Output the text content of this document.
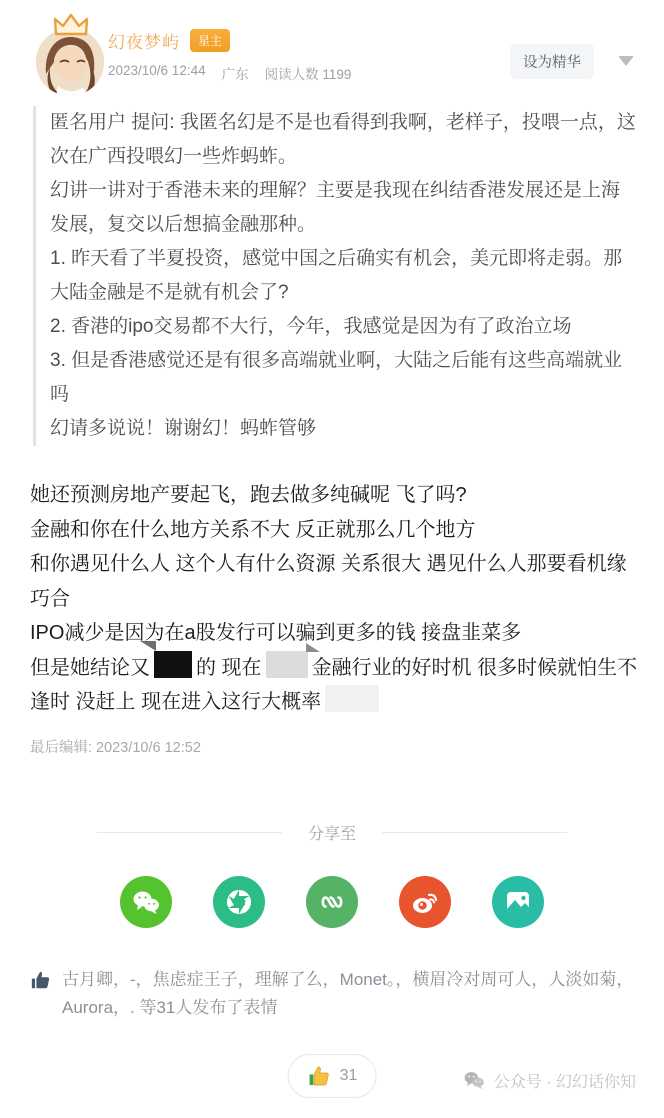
幻夜梦屿	星主
2023/10/6 12:44 广东 阅读人数 1199
设为精华

匿名用户 提问: 我匿名幻是不是也看得到我啊，老样子，投喂一点，这次在广西投喂幻一些炸蚂蚱。

幻讲一讲对于香港未来的理解？主要是我现在纠结香港发展还是上海发展，复交以后想搞金融那种。

1. 昨天看了半夏投资，感觉中国之后确实有机会，美元即将走弱。那大陆金融是不是就有机会了?

2. 香港的ipo交易都不大行，今年，我感觉是因为有了政治立场

3. 但是香港感觉还是有很多高端就业啊，大陆之后能有这些高端就业吗

幻请多说说！谢谢幻！蚂蚱管够

她还预测房地产要起飞，跑去做多纯碱呢 飞了吗?

金融和你在什么地方关系不大 反正就那么几个地方

和你遇见什么人 这个人有什么资源 关系很大 遇见什么人那要看机缘巧合

IPO减少是因为在a股发行可以骗到更多的钱 接盘韭菜多

但是她结论又 的 现在	金融行业的好时机 很多时候就怕生不逢时 没赶上 现在进入这行大概率

最后编辑: 2023/10/6 12:52
分享至
古月卿，-，焦虑症王子，理解了么，Monet。，横眉冷对周可人，人淡如菊，Aurora，. 等31人发布了表情
31	公众号 · 幻幻话你知
